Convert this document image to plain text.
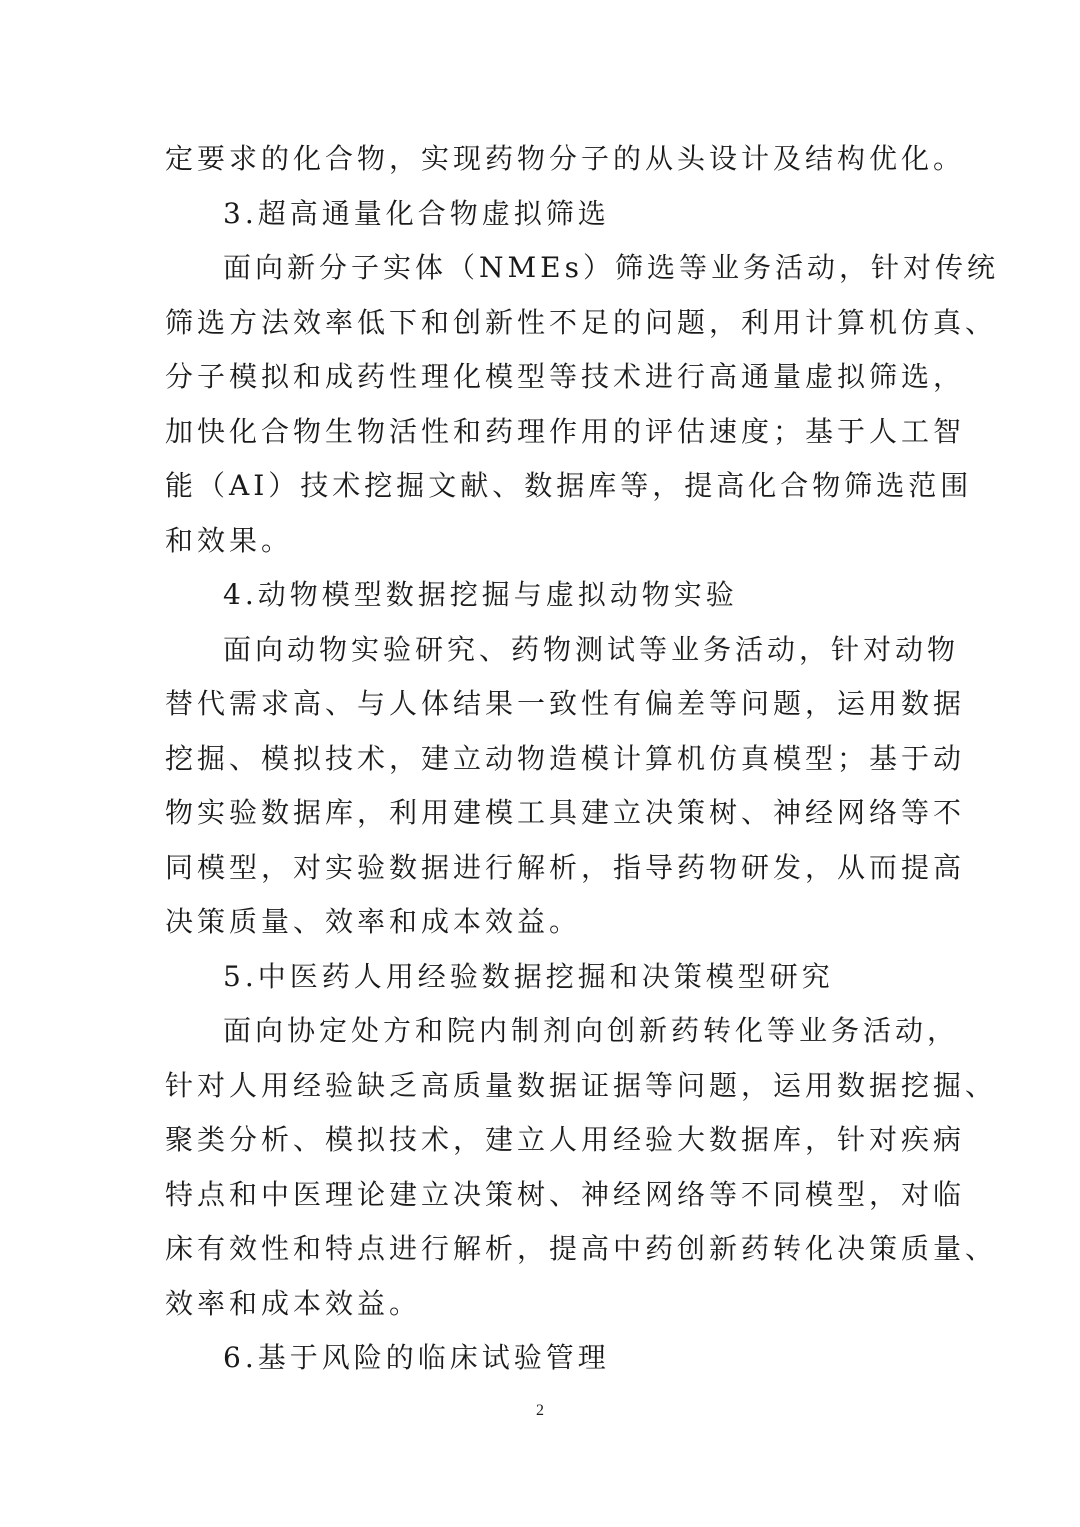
定要求的化合物，实现药物分子的从头设计及结构优化。
3.超高通量化合物虚拟筛选
面向新分子实体（NMEs）筛选等业务活动，针对传统
筛选方法效率低下和创新性不足的问题，利用计算机仿真、
分子模拟和成药性理化模型等技术进行高通量虚拟筛选，
加快化合物生物活性和药理作用的评估速度；基于人工智
能（AI）技术挖掘文献、数据库等，提高化合物筛选范围
和效果。
4.动物模型数据挖掘与虚拟动物实验
面向动物实验研究、药物测试等业务活动，针对动物
替代需求高、与人体结果一致性有偏差等问题，运用数据
挖掘、模拟技术，建立动物造模计算机仿真模型；基于动
物实验数据库，利用建模工具建立决策树、神经网络等不
同模型，对实验数据进行解析，指导药物研发，从而提高
决策质量、效率和成本效益。
5.中医药人用经验数据挖掘和决策模型研究
面向协定处方和院内制剂向创新药转化等业务活动，
针对人用经验缺乏高质量数据证据等问题，运用数据挖掘、
聚类分析、模拟技术，建立人用经验大数据库，针对疾病
特点和中医理论建立决策树、神经网络等不同模型，对临
床有效性和特点进行解析，提高中药创新药转化决策质量、
效率和成本效益。
6.基于风险的临床试验管理
2
